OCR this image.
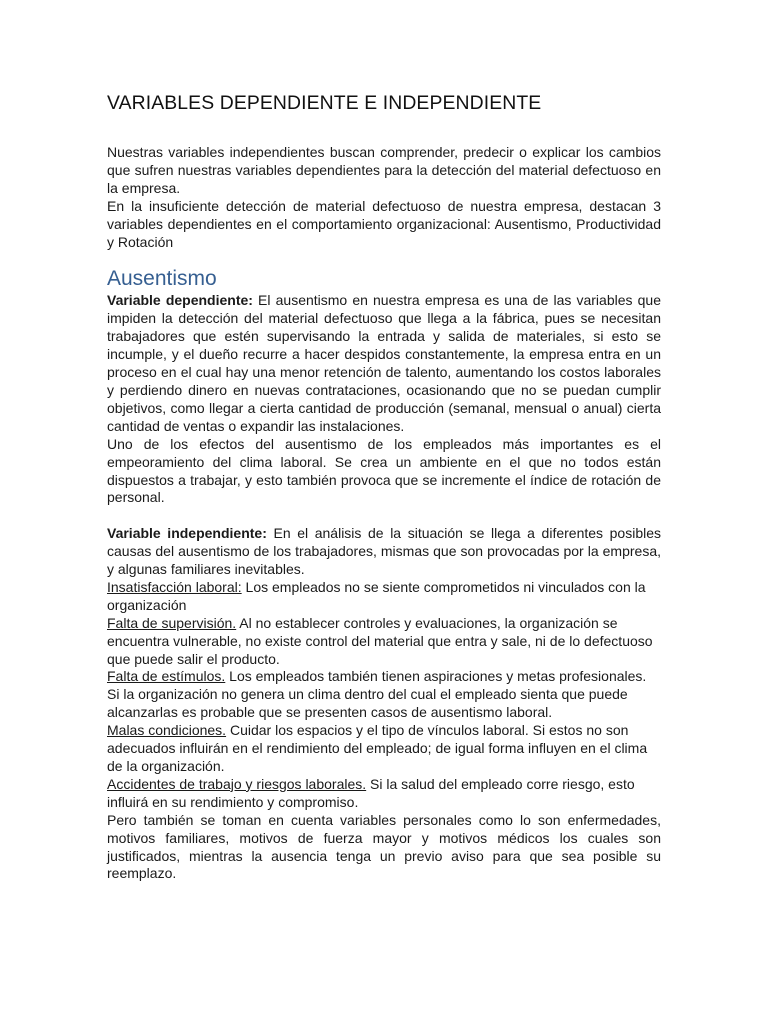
VARIABLES DEPENDIENTE E INDEPENDIENTE

Nuestras variables independientes buscan comprender, predecir o explicar los cambios que sufren nuestras variables dependientes para la detección del material defectuoso en la empresa.

En la insuficiente detección de material defectuoso de nuestra empresa, destacan 3 variables dependientes en el comportamiento organizacional: Ausentismo, Productividad y Rotación

Ausentismo

Variable dependiente: El ausentismo en nuestra empresa es una de las variables que impiden la detección del material defectuoso que llega a la fábrica, pues se necesitan trabajadores que estén supervisando la entrada y salida de materiales, si esto se incumple, y el dueño recurre a hacer despidos constantemente, la empresa entra en un proceso en el cual hay una menor retención de talento, aumentando los costos laborales y perdiendo dinero en nuevas contrataciones, ocasionando que no se puedan cumplir objetivos, como llegar a cierta cantidad de producción (semanal, mensual o anual) cierta cantidad de ventas o expandir las instalaciones.

Uno de los efectos del ausentismo de los empleados más importantes es el empeoramiento del clima laboral. Se crea un ambiente en el que no todos están dispuestos a trabajar, y esto también provoca que se incremente el índice de rotación de personal.

Variable independiente: En el análisis de la situación se llega a diferentes posibles causas del ausentismo de los trabajadores, mismas que son provocadas por la empresa, y algunas familiares inevitables.

Insatisfacción laboral: Los empleados no se siente comprometidos ni vinculados con la organización

Falta de supervisión. Al no establecer controles y evaluaciones, la organización se encuentra vulnerable, no existe control del material que entra y sale, ni de lo defectuoso que puede salir el producto.

Falta de estímulos. Los empleados también tienen aspiraciones y metas profesionales. Si la organización no genera un clima dentro del cual el empleado sienta que puede alcanzarlas es probable que se presenten casos de ausentismo laboral.

Malas condiciones. Cuidar los espacios y el tipo de vínculos laboral. Si estos no son adecuados influirán en el rendimiento del empleado; de igual forma influyen en el clima de la organización.

Accidentes de trabajo y riesgos laborales. Si la salud del empleado corre riesgo, esto influirá en su rendimiento y compromiso.

Pero también se toman en cuenta variables personales como lo son enfermedades, motivos familiares, motivos de fuerza mayor y motivos médicos los cuales son justificados, mientras la ausencia tenga un previo aviso para que sea posible su reemplazo.
